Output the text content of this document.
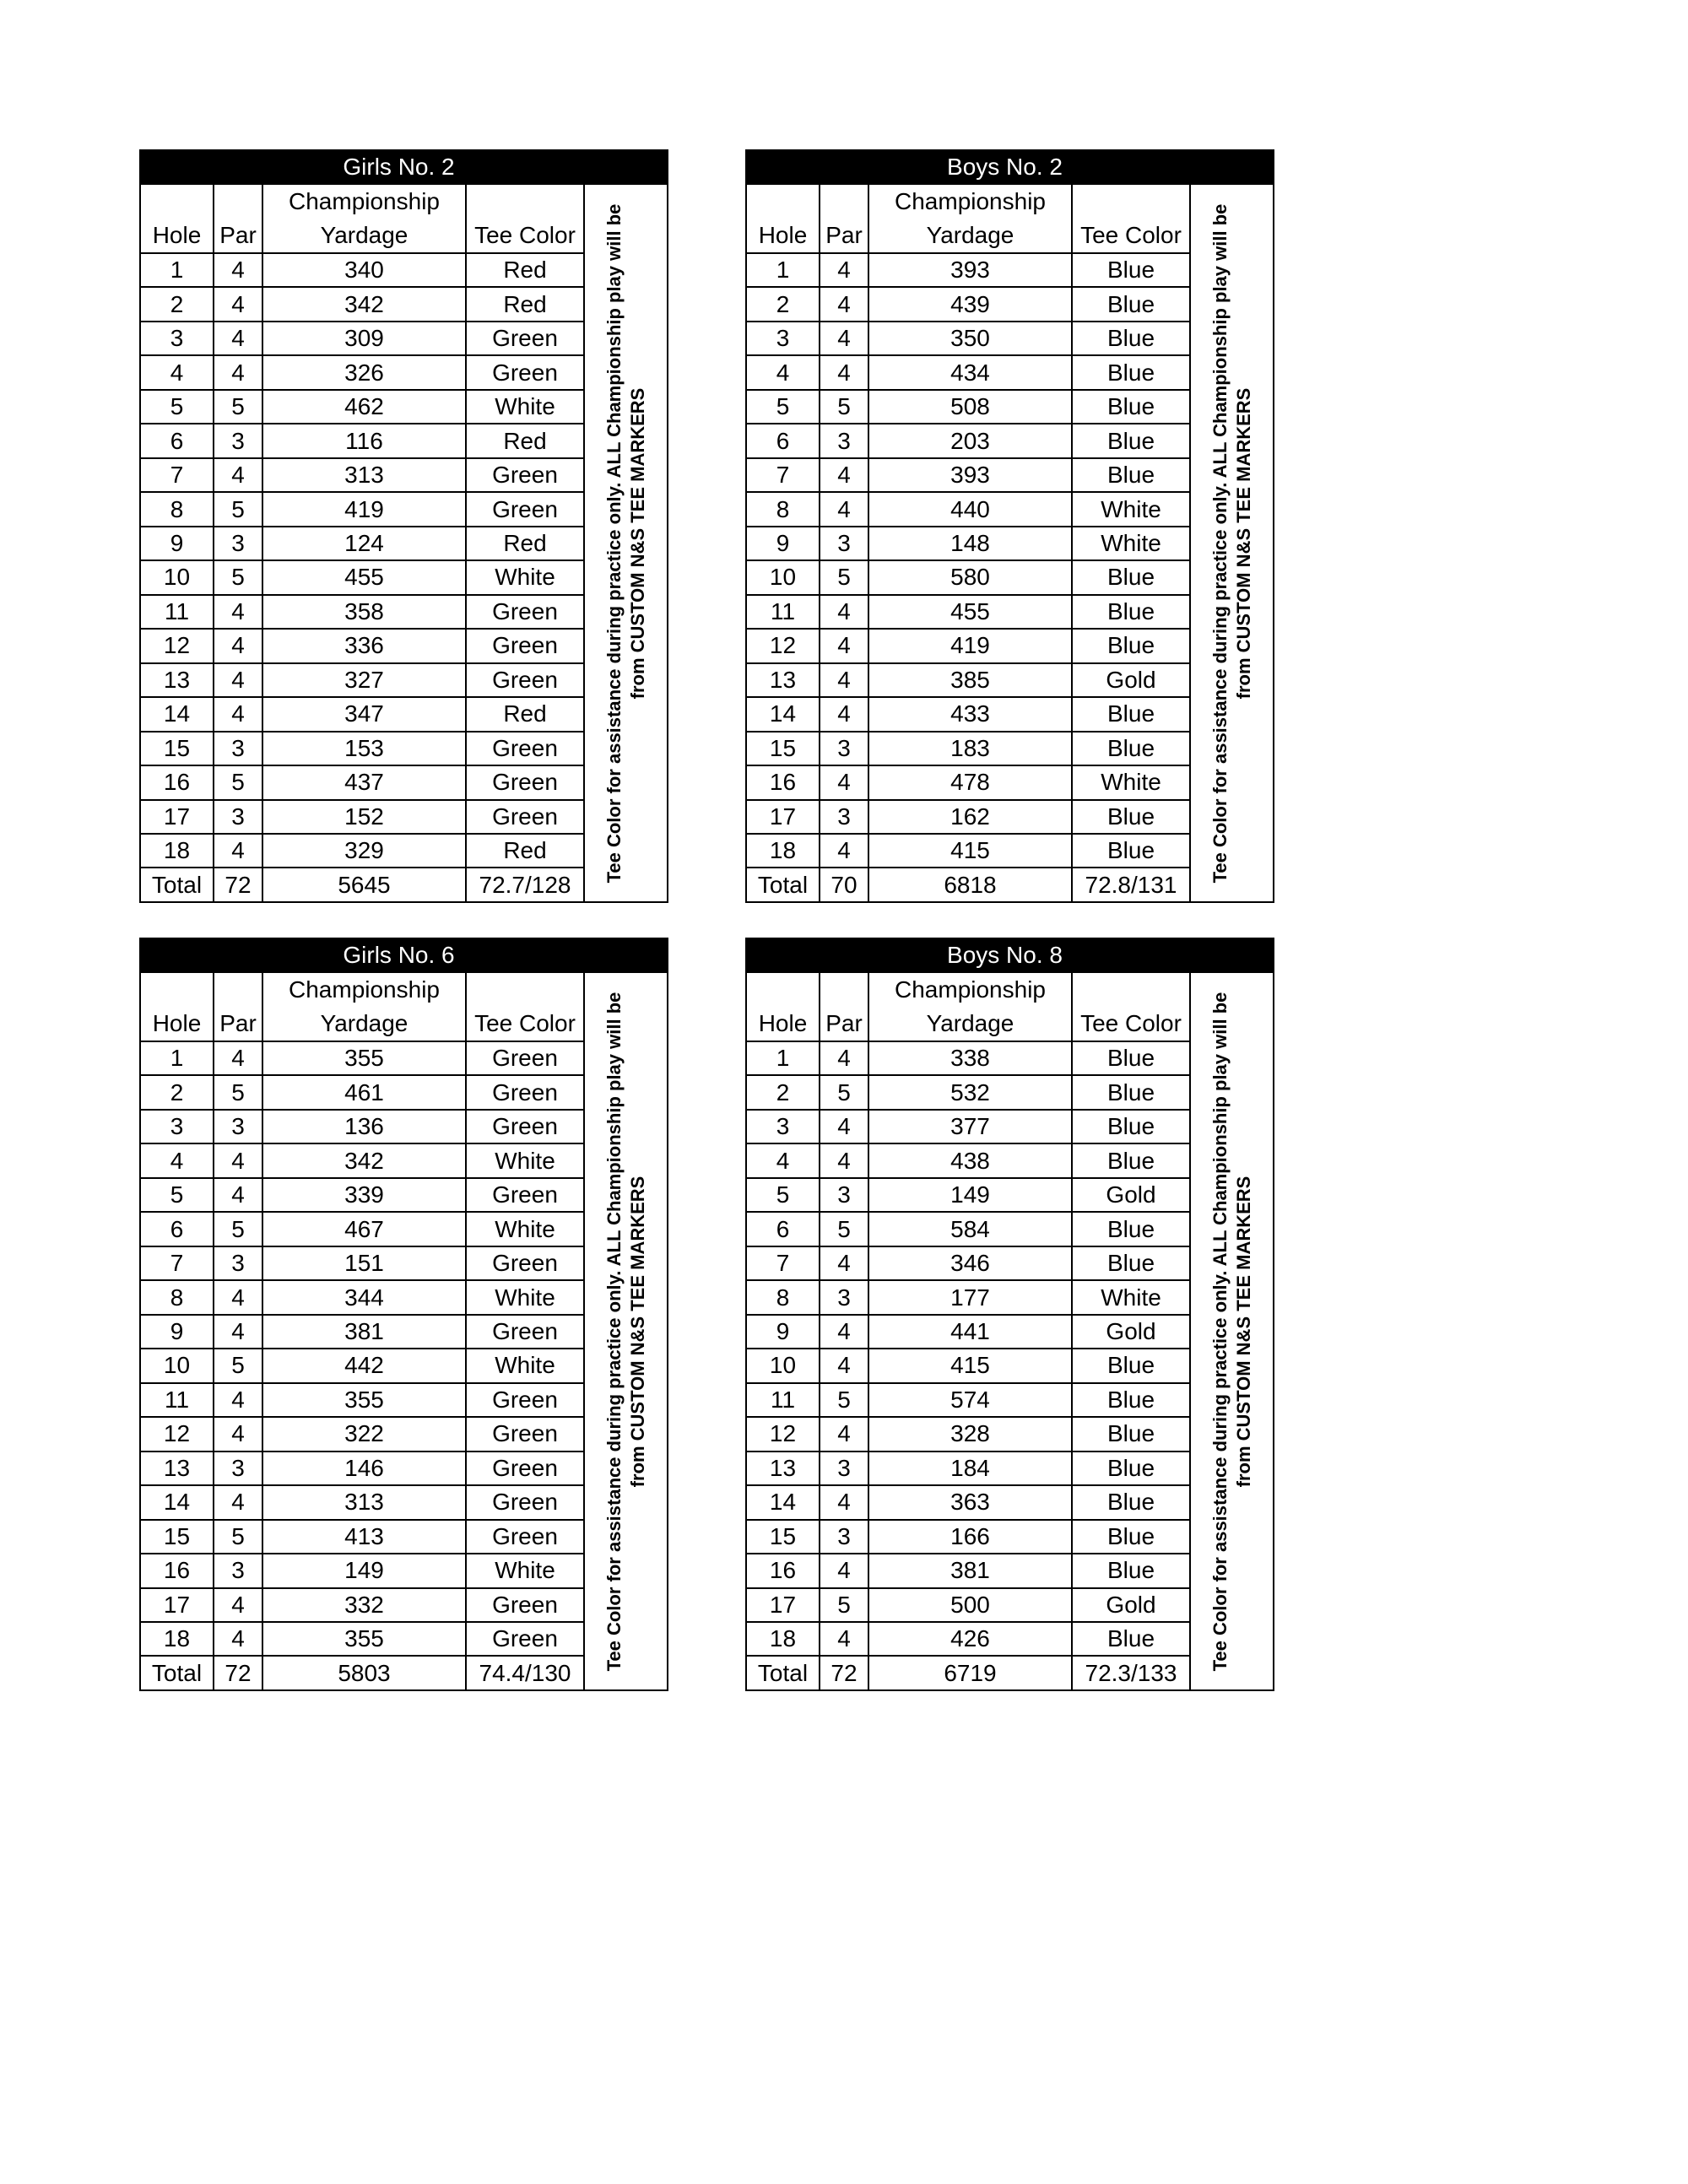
	Girls No. 2			
		Championship		Tee Color for assistance during practice only. ALL Championship play will be from CUSTOM N&S TEE MARKERS

Hole	Par	Yardage	Tee Color	
1	4	340	Red	
2	4	342	Red	
3	4	309	Green	
4	4	326	Green	
5	5	462	White	
6	3	116	Red	
7	4	313	Green	
8	5	419	Green	
9	3	124	Red	
10	5	455	White	
11	4	358	Green	
12	4	336	Green	
13	4	327	Green	
14	4	347	Red	
15	3	153	Green	
16	5	437	Green	
17	3	152	Green	
18	4	329	Red	
Total	72	5645	72.7/128	
	Boys No. 2			
		Championship		Tee Color for assistance during practice only. ALL Championship play will be from CUSTOM N&S TEE MARKERS

Hole	Par	Yardage	Tee Color	
1	4	393	Blue	
2	4	439	Blue	
3	4	350	Blue	
4	4	434	Blue	
5	5	508	Blue	
6	3	203	Blue	
7	4	393	Blue	
8	4	440	White	
9	3	148	White	
10	5	580	Blue	
11	4	455	Blue	
12	4	419	Blue	
13	4	385	Gold	
14	4	433	Blue	
15	3	183	Blue	
16	4	478	White	
17	3	162	Blue	
18	4	415	Blue	
Total	70	6818	72.8/131	
	Girls No. 6			
		Championship		Tee Color for assistance during practice only. ALL Championship play will be from CUSTOM N&S TEE MARKERS

Hole	Par	Yardage	Tee Color	
1	4	355	Green	
2	5	461	Green	
3	3	136	Green	
4	4	342	White	
5	4	339	Green	
6	5	467	White	
7	3	151	Green	
8	4	344	White	
9	4	381	Green	
10	5	442	White	
11	4	355	Green	
12	4	322	Green	
13	3	146	Green	
14	4	313	Green	
15	5	413	Green	
16	3	149	White	
17	4	332	Green	
18	4	355	Green	
Total	72	5803	74.4/130	
	Boys No. 8			
		Championship		Tee Color for assistance during practice only. ALL Championship play will be from CUSTOM N&S TEE MARKERS

Hole	Par	Yardage	Tee Color	
1	4	338	Blue	
2	5	532	Blue	
3	4	377	Blue	
4	4	438	Blue	
5	3	149	Gold	
6	5	584	Blue	
7	4	346	Blue	
8	3	177	White	
9	4	441	Gold	
10	4	415	Blue	
11	5	574	Blue	
12	4	328	Blue	
13	3	184	Blue	
14	4	363	Blue	
15	3	166	Blue	
16	4	381	Blue	
17	5	500	Gold	
18	4	426	Blue	
Total	72	6719	72.3/133	
